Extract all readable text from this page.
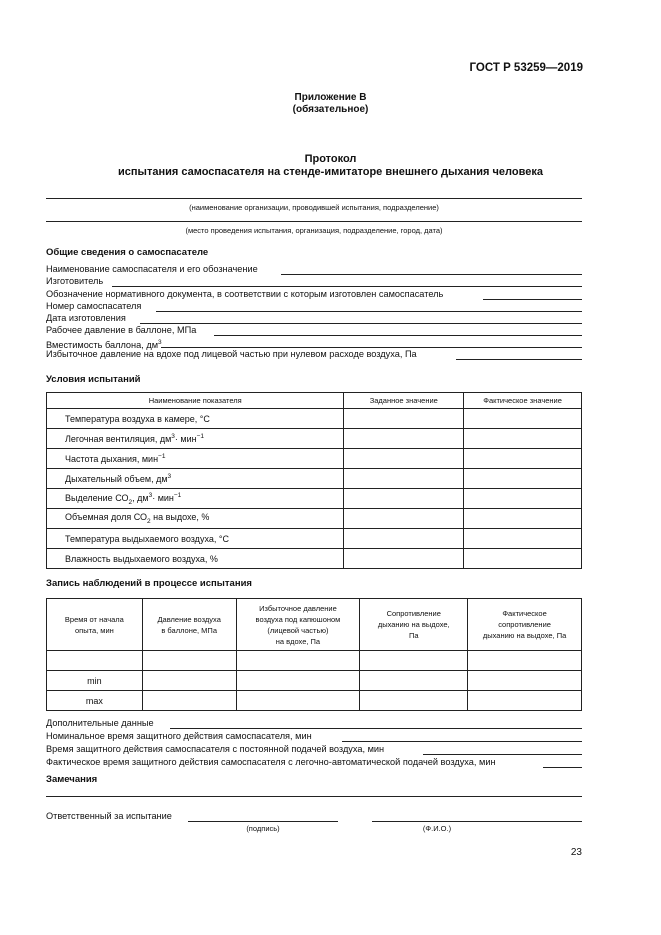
ГОСТ Р 53259—2019
Приложение В
(обязательное)
Протокол
испытания самоспасателя на стенде-имитаторе внешнего дыхания человека
(наименование организации, проводившей испытания, подразделение)
(место проведения испытания, организация, подразделение, город, дата)
Общие сведения о самоспасателе
Наименование самоспасателя и его обозначение
Изготовитель
Обозначение нормативного документа, в соответствии с которым изготовлен самоспасатель
Номер самоспасателя
Дата изготовления
Рабочее давление в баллоне, МПа
Вместимость баллона, $дм^3$
Избыточное давление на вдохе под лицевой частью при нулевом расходе воздуха, Па
Условия испытаний
Наименование показателя	Заданное значение	Фактическое значение
Температура воздуха в камере, °С		
Легочная вентиляция, $дм^3\cdot мин^{-1}$		
Частота дыхания, мин$^{-1}$		
Дыхательный объем, $дм^3$		
Выделение $СО_2$, $дм^3\cdot мин^{-1}$		
Объемная доля $СО_2$ на выдохе, %		
Температура выдыхаемого воздуха, °С		
Влажность выдыхаемого воздуха, %		
Запись наблюдений в процессе испытания
Время от начала
опыта, мин	Давление воздуха
в баллоне, МПа	Избыточное давление
воздуха под капюшоном
(лицевой частью)
на вдохе, Па	Сопротивление
дыханию на выдохе,
Па	Фактическое
сопротивление
дыханию на выдохе, Па

min				
max				
Дополнительные данные
Номинальное время защитного действия самоспасателя, мин
Время защитного действия самоспасателя с постоянной подачей воздуха, мин
Фактическое время защитного действия самоспасателя с легочно-автоматической подачей воздуха, мин
Замечания
Ответственный за испытание
(подпись)	(Ф.И.О.)
23
